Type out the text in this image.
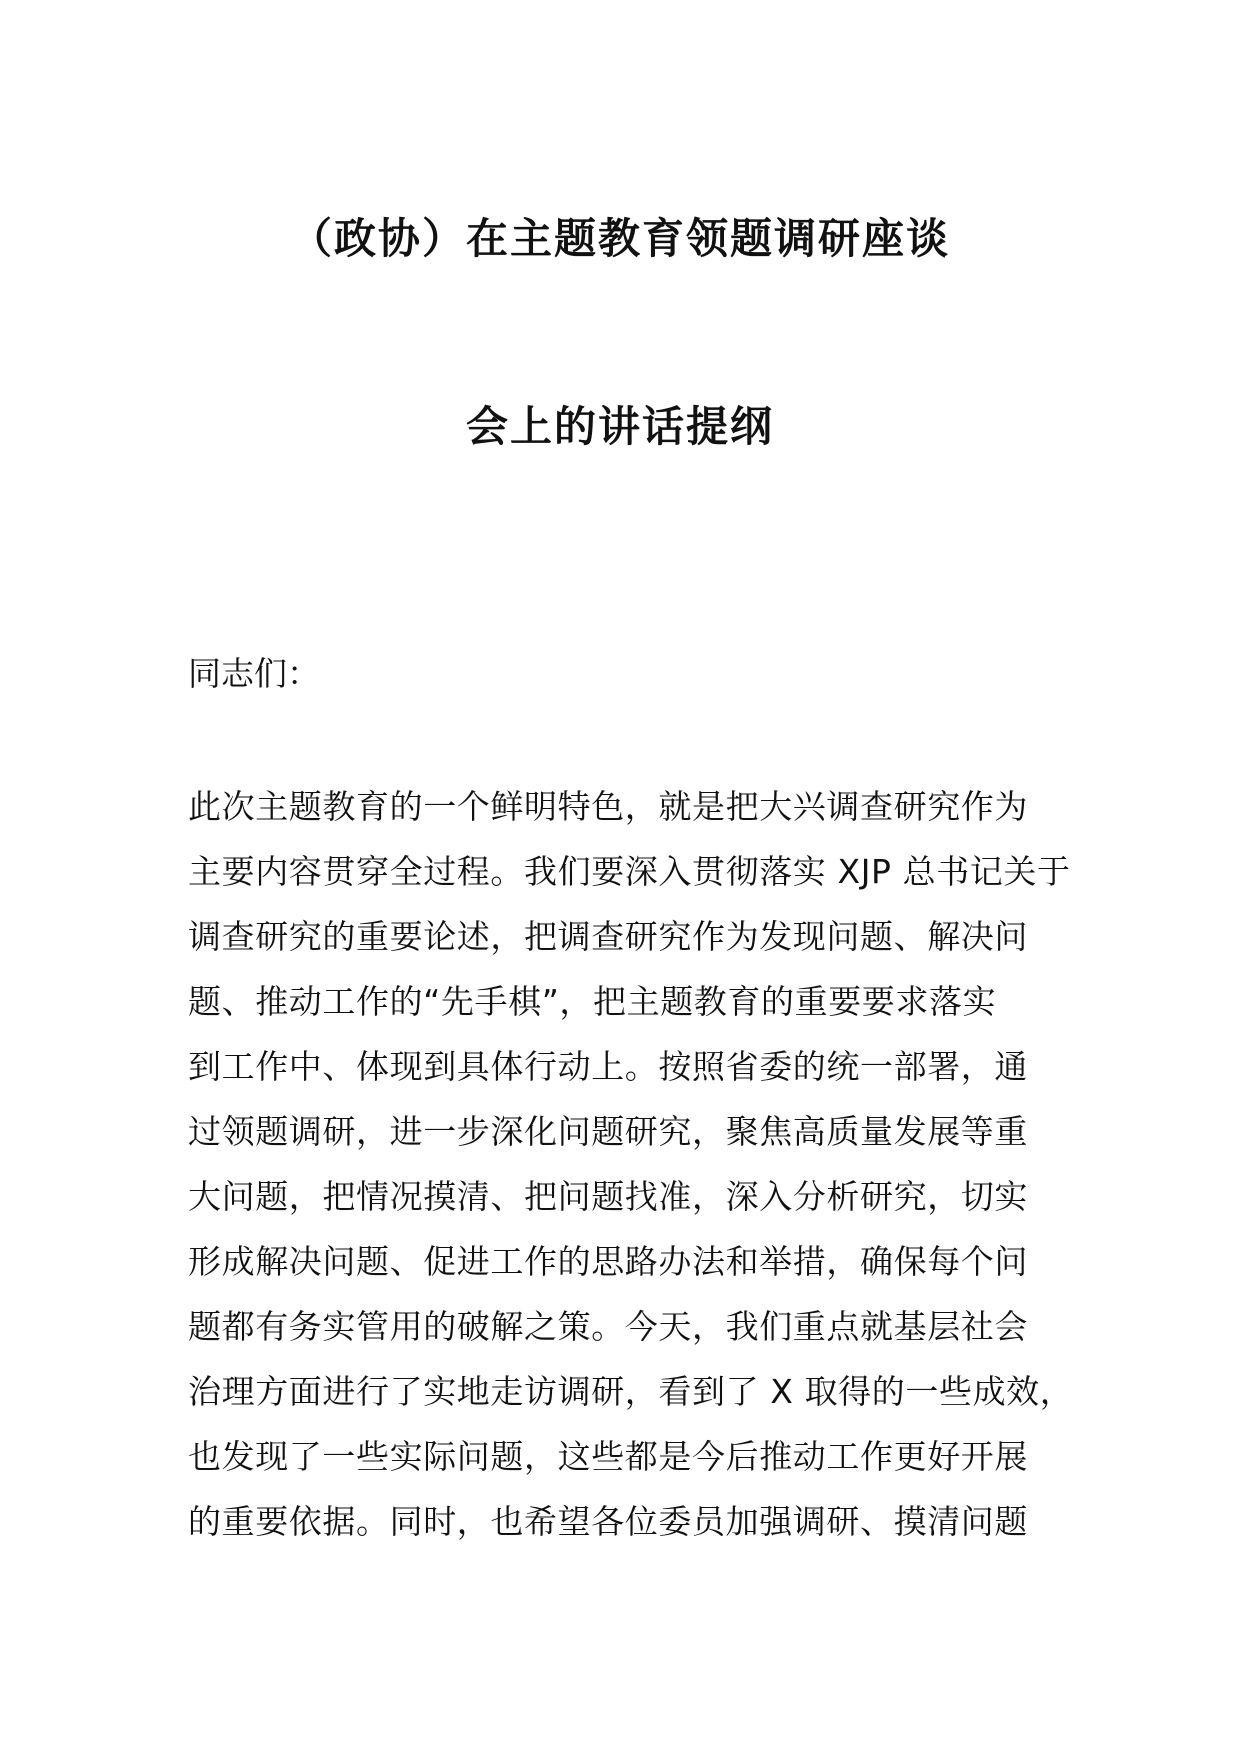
（政协）在主题教育领题调研座谈
会上的讲话提纲
同志们：
此次主题教育的一个鲜明特色，就是把大兴调查研究作为
主要内容贯穿全过程。我们要深入贯彻落实 XJP 总书记关于
调查研究的重要论述，把调查研究作为发现问题、解决问
题、推动工作的“先手棋”，把主题教育的重要要求落实
到工作中、体现到具体行动上。按照省委的统一部署，通
过领题调研，进一步深化问题研究，聚焦高质量发展等重
大问题，把情况摸清、把问题找准，深入分析研究，切实
形成解决问题、促进工作的思路办法和举措，确保每个问
题都有务实管用的破解之策。今天，我们重点就基层社会
治理方面进行了实地走访调研，看到了 X 取得的一些成效，
也发现了一些实际问题，这些都是今后推动工作更好开展
的重要依据。同时，也希望各位委员加强调研、摸清问题
